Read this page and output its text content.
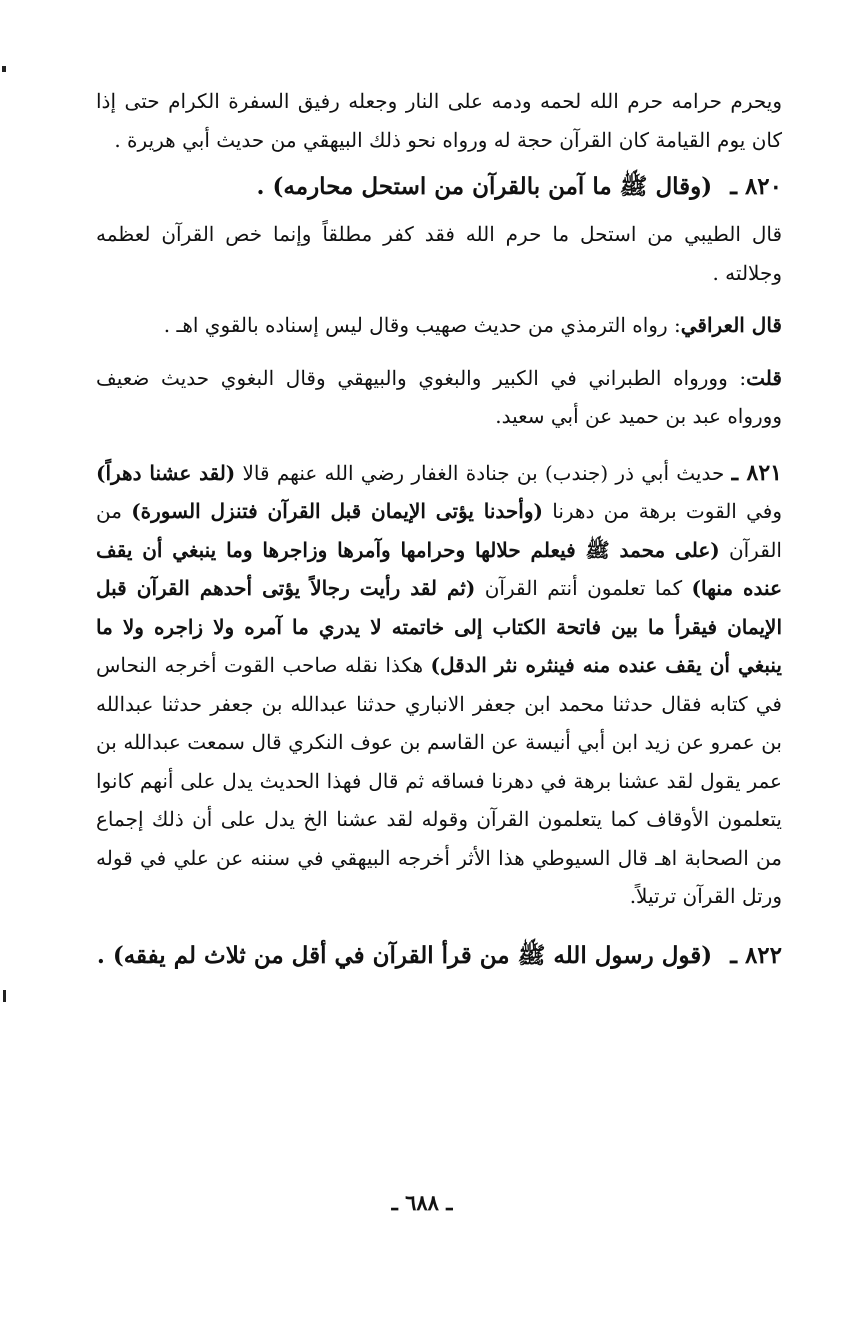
ويحرم حرامه حرم الله لحمه ودمه على النار وجعله رفيق السفرة الكرام حتى إذا كان يوم القيامة كان القرآن حجة له ورواه نحو ذلك البيهقي من حديث أبي هريرة .

٨٢٠ ـ (وقال ﷺ ما آمن بالقرآن من استحل محارمه) .

قال الطيبي من استحل ما حرم الله فقد كفر مطلقاً وإنما خص القرآن لعظمه وجلالته .

قال العراقي: رواه الترمذي من حديث صهيب وقال ليس إسناده بالقوي اهـ .

قلت: وورواه الطبراني في الكبير والبغوي والبيهقي وقال البغوي حديث ضعيف وورواه عبد بن حميد عن أبي سعيد.

٨٢١ ـ حديث أبي ذر (جندب) بن جنادة الغفار رضي الله عنهم قالا (لقد عشنا دهراً) وفي القوت برهة من دهرنا (وأحدنا يؤتى الإيمان قبل القرآن فتنزل السورة) من القرآن (على محمد ﷺ فيعلم حلالها وحرامها وآمرها وزاجرها وما ينبغي أن يقف عنده منها) كما تعلمون أنتم القرآن (ثم لقد رأيت رجالاً يؤتى أحدهم القرآن قبل الإيمان فيقرأ ما بين فاتحة الكتاب إلى خاتمته لا يدري ما آمره ولا زاجره ولا ما ينبغي أن يقف عنده منه فينثره نثر الدقل) هكذا نقله صاحب القوت أخرجه النحاس في كتابه فقال حدثنا محمد ابن جعفر الانباري حدثنا عبدالله بن جعفر حدثنا عبدالله بن عمرو عن زيد ابن أبي أنيسة عن القاسم بن عوف النكري قال سمعت عبدالله بن عمر يقول لقد عشنا برهة في دهرنا فساقه ثم قال فهذا الحديث يدل على أنهم كانوا يتعلمون الأوقاف كما يتعلمون القرآن وقوله لقد عشنا الخ يدل على أن ذلك إجماع من الصحابة اهـ قال السيوطي هذا الأثر أخرجه البيهقي في سننه عن علي في قوله ورتل القرآن ترتيلاً.

٨٢٢ ـ (قول رسول الله ﷺ من قرأ القرآن في أقل من ثلاث لم يفقه) .

ـ ٦٨٨ ـ
